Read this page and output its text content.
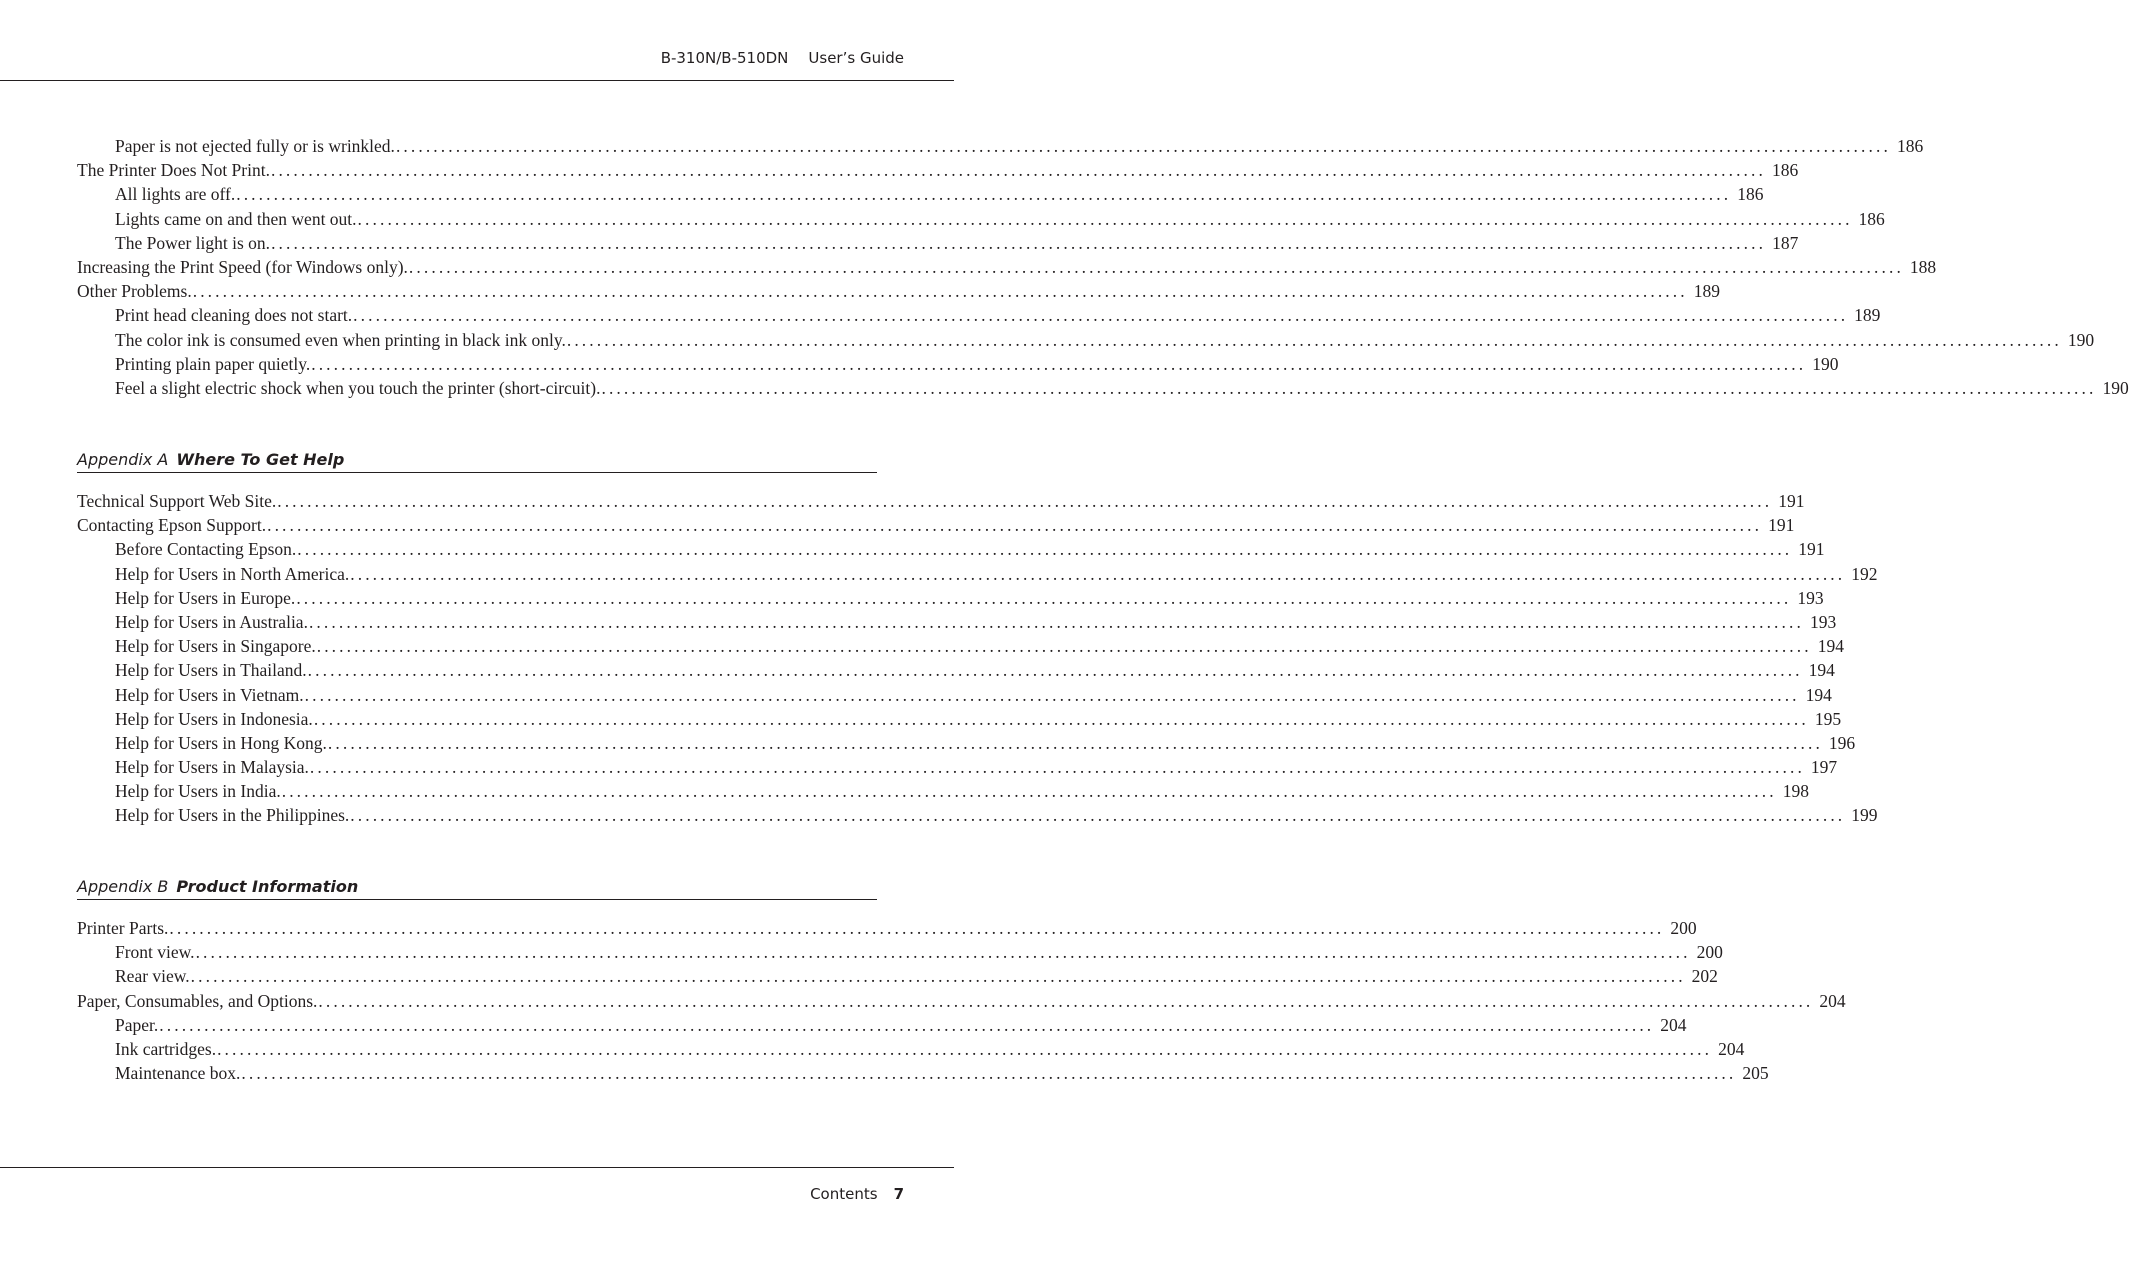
B-310N/B-510DN User’s Guide
Paper is not ejected fully or is wrinkled. ........................................................................................................................................................................................................ 186
The Printer Does Not Print. ........................................................................................................................................................................................................ 186
All lights are off. ........................................................................................................................................................................................................ 186
Lights came on and then went out. ........................................................................................................................................................................................................ 186
The Power light is on. ........................................................................................................................................................................................................ 187
Increasing the Print Speed (for Windows only). ........................................................................................................................................................................................................ 188
Other Problems. ........................................................................................................................................................................................................ 189
Print head cleaning does not start. ........................................................................................................................................................................................................ 189
The color ink is consumed even when printing in black ink only. ........................................................................................................................................................................................................ 190
Printing plain paper quietly. ........................................................................................................................................................................................................ 190
Feel a slight electric shock when you touch the printer (short-circuit). ........................................................................................................................................................................................................ 190
Appendix A Where To Get Help
Technical Support Web Site. ........................................................................................................................................................................................................ 191
Contacting Epson Support. ........................................................................................................................................................................................................ 191
Before Contacting Epson. ........................................................................................................................................................................................................ 191
Help for Users in North America. ........................................................................................................................................................................................................ 192
Help for Users in Europe. ........................................................................................................................................................................................................ 193
Help for Users in Australia. ........................................................................................................................................................................................................ 193
Help for Users in Singapore. ........................................................................................................................................................................................................ 194
Help for Users in Thailand. ........................................................................................................................................................................................................ 194
Help for Users in Vietnam. ........................................................................................................................................................................................................ 194
Help for Users in Indonesia. ........................................................................................................................................................................................................ 195
Help for Users in Hong Kong. ........................................................................................................................................................................................................ 196
Help for Users in Malaysia. ........................................................................................................................................................................................................ 197
Help for Users in India. ........................................................................................................................................................................................................ 198
Help for Users in the Philippines. ........................................................................................................................................................................................................ 199
Appendix B Product Information
Printer Parts. ........................................................................................................................................................................................................ 200
Front view. ........................................................................................................................................................................................................ 200
Rear view. ........................................................................................................................................................................................................ 202
Paper, Consumables, and Options. ........................................................................................................................................................................................................ 204
Paper. ........................................................................................................................................................................................................ 204
Ink cartridges. ........................................................................................................................................................................................................ 204
Maintenance box. ........................................................................................................................................................................................................ 205
Contents 7
